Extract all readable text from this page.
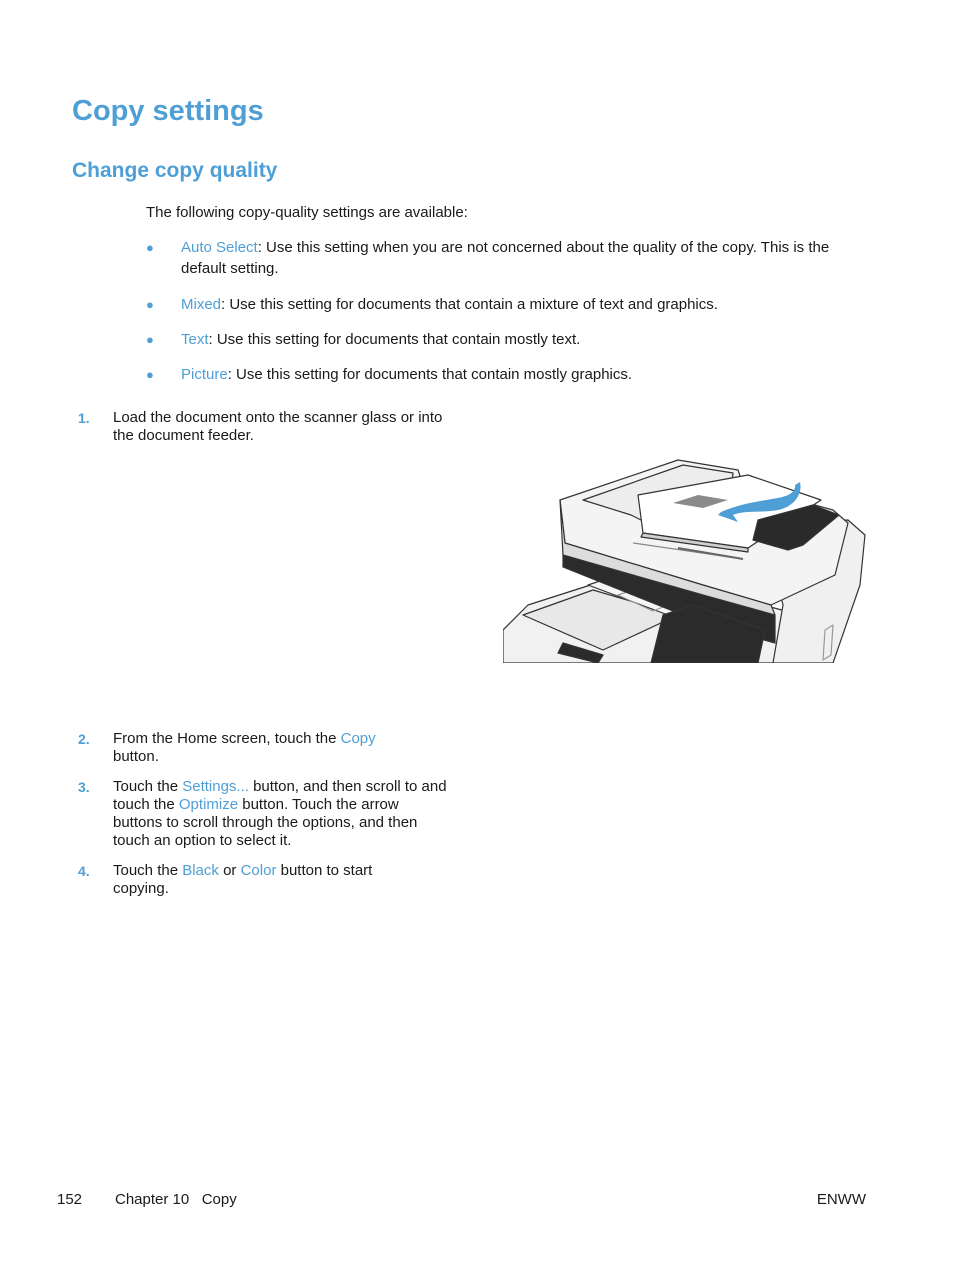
Copy settings
Change copy quality

The following copy-quality settings are available:

● Auto Select: Use this setting when you are not concerned about the quality of the copy. This is the default setting.
● Mixed: Use this setting for documents that contain a mixture of text and graphics.
● Text: Use this setting for documents that contain mostly text.
● Picture: Use this setting for documents that contain mostly graphics.
1. Load the document onto the scanner glass or into the document feeder.
2. From the Home screen, touch the Copy button.
3. Touch the Settings... button, and then scroll to and touch the Optimize button. Touch the arrow buttons to scroll through the options, and then touch an option to select it.
4. Touch the Black or Color button to start copying.
152 Chapter 10   Copy	ENWW
